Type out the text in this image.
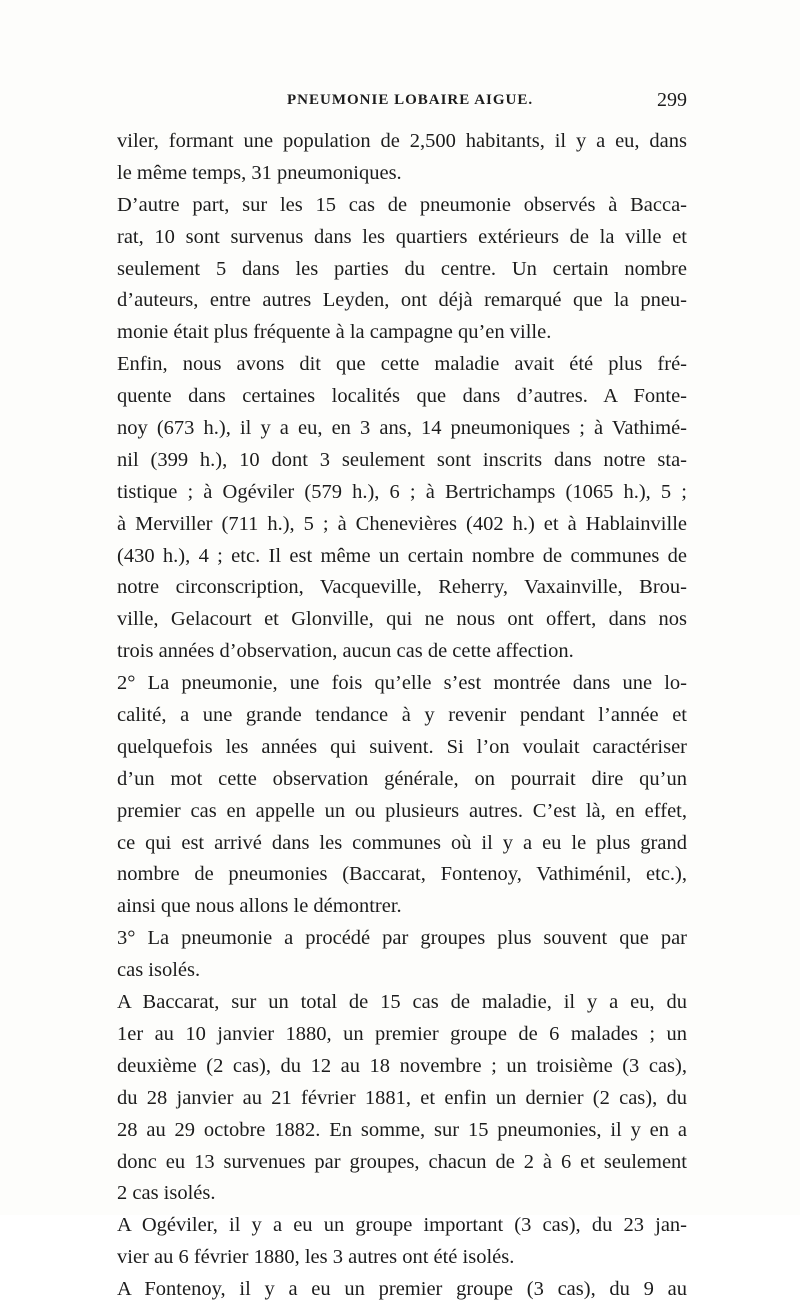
PNEUMONIE LOBAIRE AIGUE.	299
viler, formant une population de 2,500 habitants, il y a eu, dans
le même temps, 31 pneumoniques.
D’autre part, sur les 15 cas de pneumonie observés à Bacca-
rat, 10 sont survenus dans les quartiers extérieurs de la ville et
seulement 5 dans les parties du centre. Un certain nombre
d’auteurs, entre autres Leyden, ont déjà remarqué que la pneu-
monie était plus fréquente à la campagne qu’en ville.
Enfin, nous avons dit que cette maladie avait été plus fré-
quente dans certaines localités que dans d’autres. A Fonte-
noy (673 h.), il y a eu, en 3 ans, 14 pneumoniques ; à Vathimé-
nil (399 h.), 10 dont 3 seulement sont inscrits dans notre sta-
tistique ; à Ogéviler (579 h.), 6 ; à Bertrichamps (1065 h.), 5 ;
à Merviller (711 h.), 5 ; à Chenevières (402 h.) et à Hablainville
(430 h.), 4 ; etc. Il est même un certain nombre de communes de
notre circonscription, Vacqueville, Reherry, Vaxainville, Brou-
ville, Gelacourt et Glonville, qui ne nous ont offert, dans nos
trois années d’observation, aucun cas de cette affection.
2° La pneumonie, une fois qu’elle s’est montrée dans une lo-
calité, a une grande tendance à y revenir pendant l’année et
quelquefois les années qui suivent. Si l’on voulait caractériser
d’un mot cette observation générale, on pourrait dire qu’un
premier cas en appelle un ou plusieurs autres. C’est là, en effet,
ce qui est arrivé dans les communes où il y a eu le plus grand
nombre de pneumonies (Baccarat, Fontenoy, Vathiménil, etc.),
ainsi que nous allons le démontrer.
3° La pneumonie a procédé par groupes plus souvent que par
cas isolés.
A Baccarat, sur un total de 15 cas de maladie, il y a eu, du
1er au 10 janvier 1880, un premier groupe de 6 malades ; un
deuxième (2 cas), du 12 au 18 novembre ; un troisième (3 cas),
du 28 janvier au 21 février 1881, et enfin un dernier (2 cas), du
28 au 29 octobre 1882. En somme, sur 15 pneumonies, il y en a
donc eu 13 survenues par groupes, chacun de 2 à 6 et seulement
2 cas isolés.
A Ogéviler, il y a eu un groupe important (3 cas), du 23 jan-
vier au 6 février 1880, les 3 autres ont été isolés.
A Fontenoy, il y a eu un premier groupe (3 cas), du 9 au
